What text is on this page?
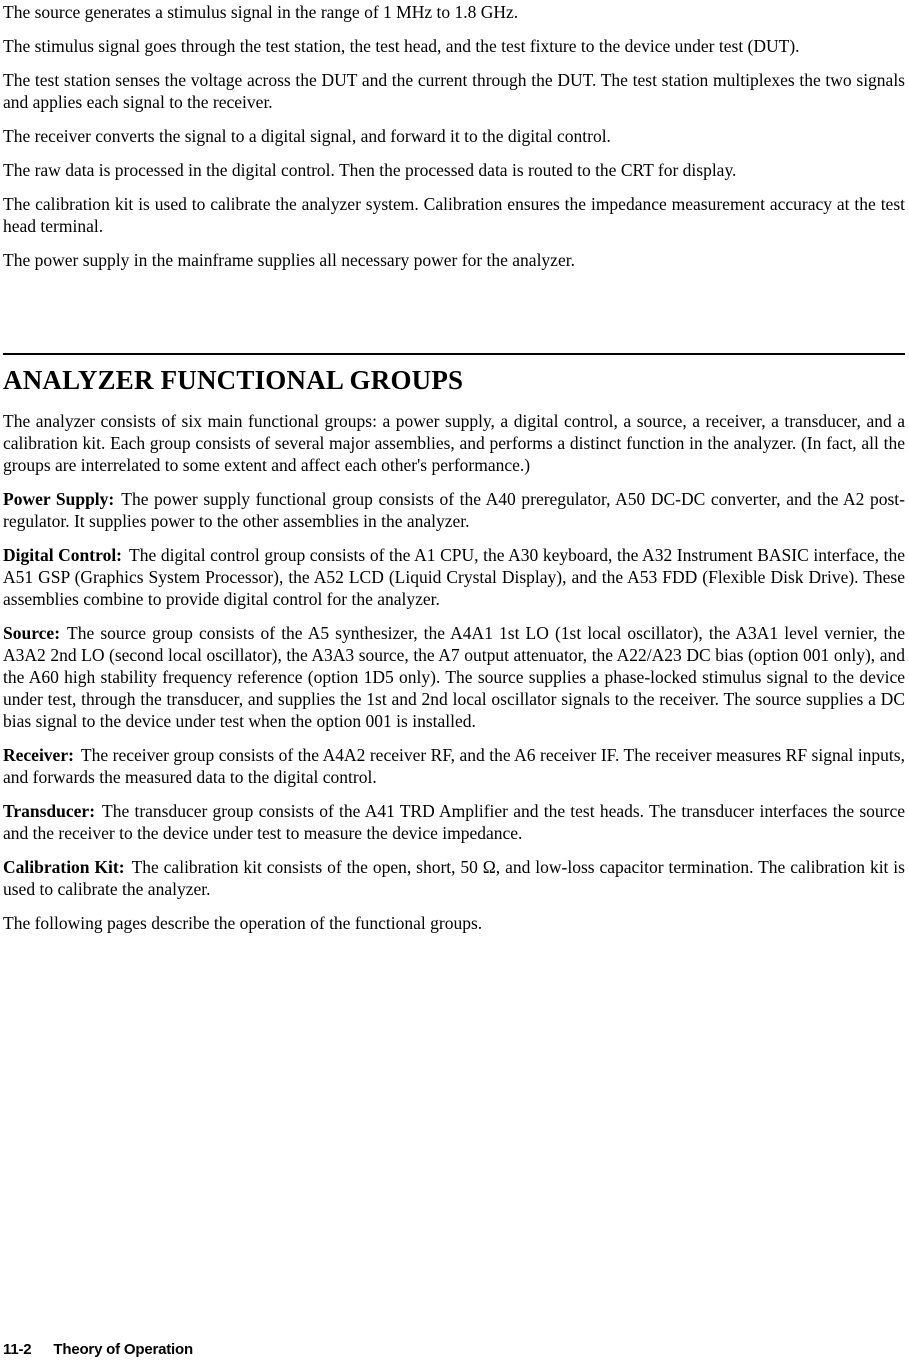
The source generates a stimulus signal in the range of 1 MHz to 1.8 GHz.

The stimulus signal goes through the test station, the test head, and the test fixture to the device under test (DUT).

The test station senses the voltage across the DUT and the current through the DUT. The test station multiplexes the two signals and applies each signal to the receiver.

The receiver converts the signal to a digital signal, and forward it to the digital control.

The raw data is processed in the digital control. Then the processed data is routed to the CRT for display.

The calibration kit is used to calibrate the analyzer system. Calibration ensures the impedance measurement accuracy at the test head terminal.

The power supply in the mainframe supplies all necessary power for the analyzer.

ANALYZER FUNCTIONAL GROUPS

The analyzer consists of six main functional groups: a power supply, a digital control, a source, a receiver, a transducer, and a calibration kit. Each group consists of several major assemblies, and performs a distinct function in the analyzer. (In fact, all the groups are interrelated to some extent and affect each other's performance.)

Power Supply: The power supply functional group consists of the A40 preregulator, A50 DC-DC converter, and the A2 post-regulator. It supplies power to the other assemblies in the analyzer.

Digital Control: The digital control group consists of the A1 CPU, the A30 keyboard, the A32 Instrument BASIC interface, the A51 GSP (Graphics System Processor), the A52 LCD (Liquid Crystal Display), and the A53 FDD (Flexible Disk Drive). These assemblies combine to provide digital control for the analyzer.

Source: The source group consists of the A5 synthesizer, the A4A1 1st LO (1st local oscillator), the A3A1 level vernier, the A3A2 2nd LO (second local oscillator), the A3A3 source, the A7 output attenuator, the A22/A23 DC bias (option 001 only), and the A60 high stability frequency reference (option 1D5 only). The source supplies a phase-locked stimulus signal to the device under test, through the transducer, and supplies the 1st and 2nd local oscillator signals to the receiver. The source supplies a DC bias signal to the device under test when the option 001 is installed.

Receiver: The receiver group consists of the A4A2 receiver RF, and the A6 receiver IF. The receiver measures RF signal inputs, and forwards the measured data to the digital control.

Transducer: The transducer group consists of the A41 TRD Amplifier and the test heads. The transducer interfaces the source and the receiver to the device under test to measure the device impedance.

Calibration Kit: The calibration kit consists of the open, short, 50 Ω, and low-loss capacitor termination. The calibration kit is used to calibrate the analyzer.

The following pages describe the operation of the functional groups.

11-2 Theory of Operation
